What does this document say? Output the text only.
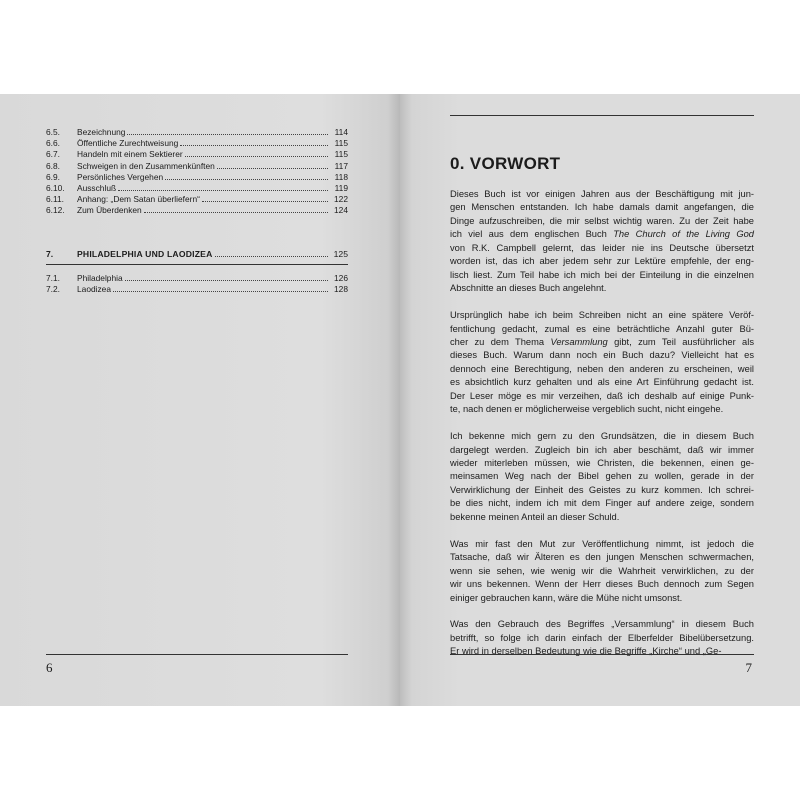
6.5.	Bezeichnung	114
6.6.	Öffentliche Zurechtweisung	115
6.7.	Handeln mit einem Sektierer	115
6.8.	Schweigen in den Zusammenkünften	117
6.9.	Persönliches Vergehen	118
6.10.	Ausschluß	119
6.11.	Anhang: „Dem Satan überliefern“	122
6.12.	Zum Überdenken	124
7.	PHILADELPHIA UND LAODIZEA	125
7.1.	Philadelphia	126
7.2.	Laodizea	128
6
0. VORWORT

Dieses Buch ist vor einigen Jahren aus der Beschäftigung mit jun-
gen Menschen entstanden. Ich habe damals damit angefangen, die
Dinge aufzuschreiben, die mir selbst wichtig waren. Zu der Zeit habe
ich viel aus dem englischen Buch The Church of the Living God
von R.K. Campbell gelernt, das leider nie ins Deutsche übersetzt
worden ist, das ich aber jedem sehr zur Lektüre empfehle, der eng-
lisch liest. Zum Teil habe ich mich bei der Einteilung in die einzelnen
Abschnitte an dieses Buch angelehnt.

Ursprünglich habe ich beim Schreiben nicht an eine spätere Veröf-
fentlichung gedacht, zumal es eine beträchtliche Anzahl guter Bü-
cher zu dem Thema Versammlung gibt, zum Teil ausführlicher als
dieses Buch. Warum dann noch ein Buch dazu? Vielleicht hat es
dennoch eine Berechtigung, neben den anderen zu erscheinen, weil
es absichtlich kurz gehalten und als eine Art Einführung gedacht ist.
Der Leser möge es mir verzeihen, daß ich deshalb auf einige Punk-
te, nach denen er möglicherweise vergeblich sucht, nicht eingehe.

Ich bekenne mich gern zu den Grundsätzen, die in diesem Buch
dargelegt werden. Zugleich bin ich aber beschämt, daß wir immer
wieder miterleben müssen, wie Christen, die bekennen, einen ge-
meinsamen Weg nach der Bibel gehen zu wollen, gerade in der
Verwirklichung der Einheit des Geistes zu kurz kommen. Ich schrei-
be dies nicht, indem ich mit dem Finger auf andere zeige, sondern
bekenne meinen Anteil an dieser Schuld.

Was mir fast den Mut zur Veröffentlichung nimmt, ist jedoch die
Tatsache, daß wir Älteren es den jungen Menschen schwermachen,
wenn sie sehen, wie wenig wir die Wahrheit verwirklichen, zu der
wir uns bekennen. Wenn der Herr dieses Buch dennoch zum Segen
einiger gebrauchen kann, wäre die Mühe nicht umsonst.

Was den Gebrauch des Begriffes „Versammlung“ in diesem Buch
betrifft, so folge ich darin einfach der Elberfelder Bibelübersetzung.
Er wird in derselben Bedeutung wie die Begriffe „Kirche“ und „Ge-

7
